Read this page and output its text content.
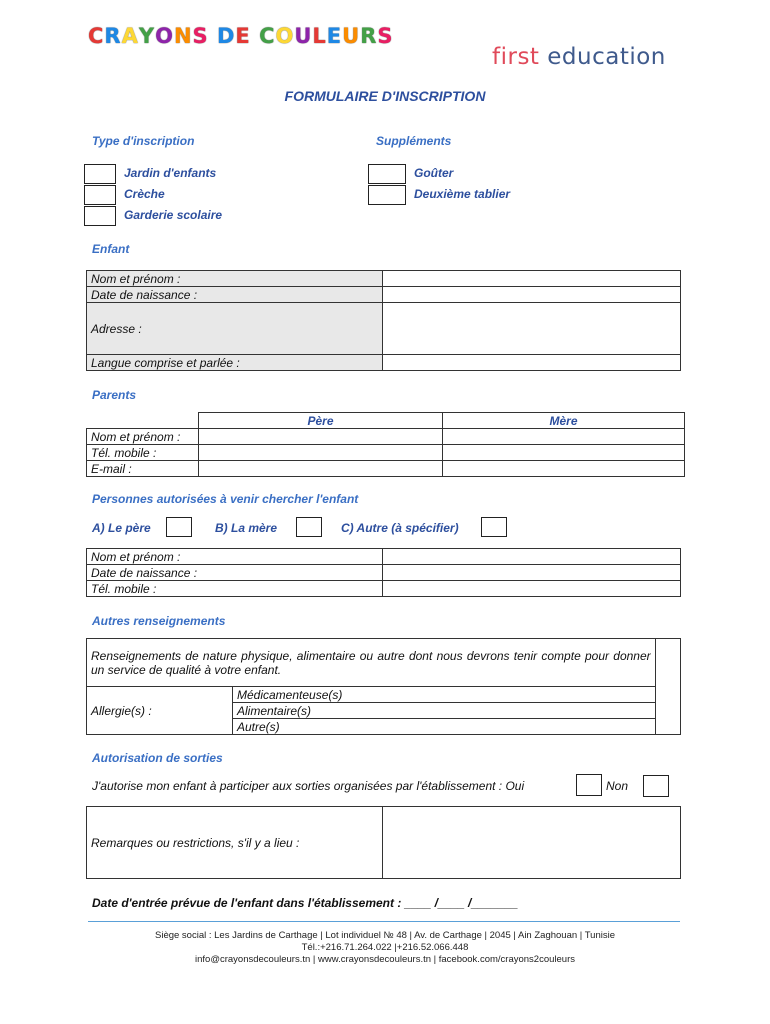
CRAYONS DE COULEURS
first education
FORMULAIRE D'INSCRIPTION
Type d'inscription
Jardin d'enfants
Crèche
Garderie scolaire
Suppléments
Goûter
Deuxième tablier
Enfant
Nom et prénom :	
Date de naissance :	
Adresse :	
Langue comprise et parlée :	
Parents
	Père	Mère
Nom et prénom :		
Tél. mobile :		
E-mail :		
Personnes autorisées à venir chercher l'enfant
A) Le père	B) La mère	C) Autre (à spécifier)
Nom et prénom :	
Date de naissance :	
Tél. mobile :	
Autres renseignements
Renseignements de nature physique, alimentaire ou autre dont nous devrons tenir compte pour donner un service de qualité à votre enfant.		
Allergie(s) :	Médicamenteuse(s)	
	Alimentaire(s)	
	Autre(s)	
Autorisation de sorties
J'autorise mon enfant à participer aux sorties organisées par l'établissement : Oui	Non
Remarques ou restrictions, s'il y a lieu :	
Date d'entrée prévue de l'enfant dans l'établissement : ____ /____ /_______
Siège social : Les Jardins de Carthage | Lot individuel № 48 | Av. de Carthage | 2045 | Ain Zaghouan | Tunisie
Tél.:+216.71.264.022 |+216.52.066.448
info@crayonsdecouleurs.tn | www.crayonsdecouleurs.tn | facebook.com/crayons2couleurs
